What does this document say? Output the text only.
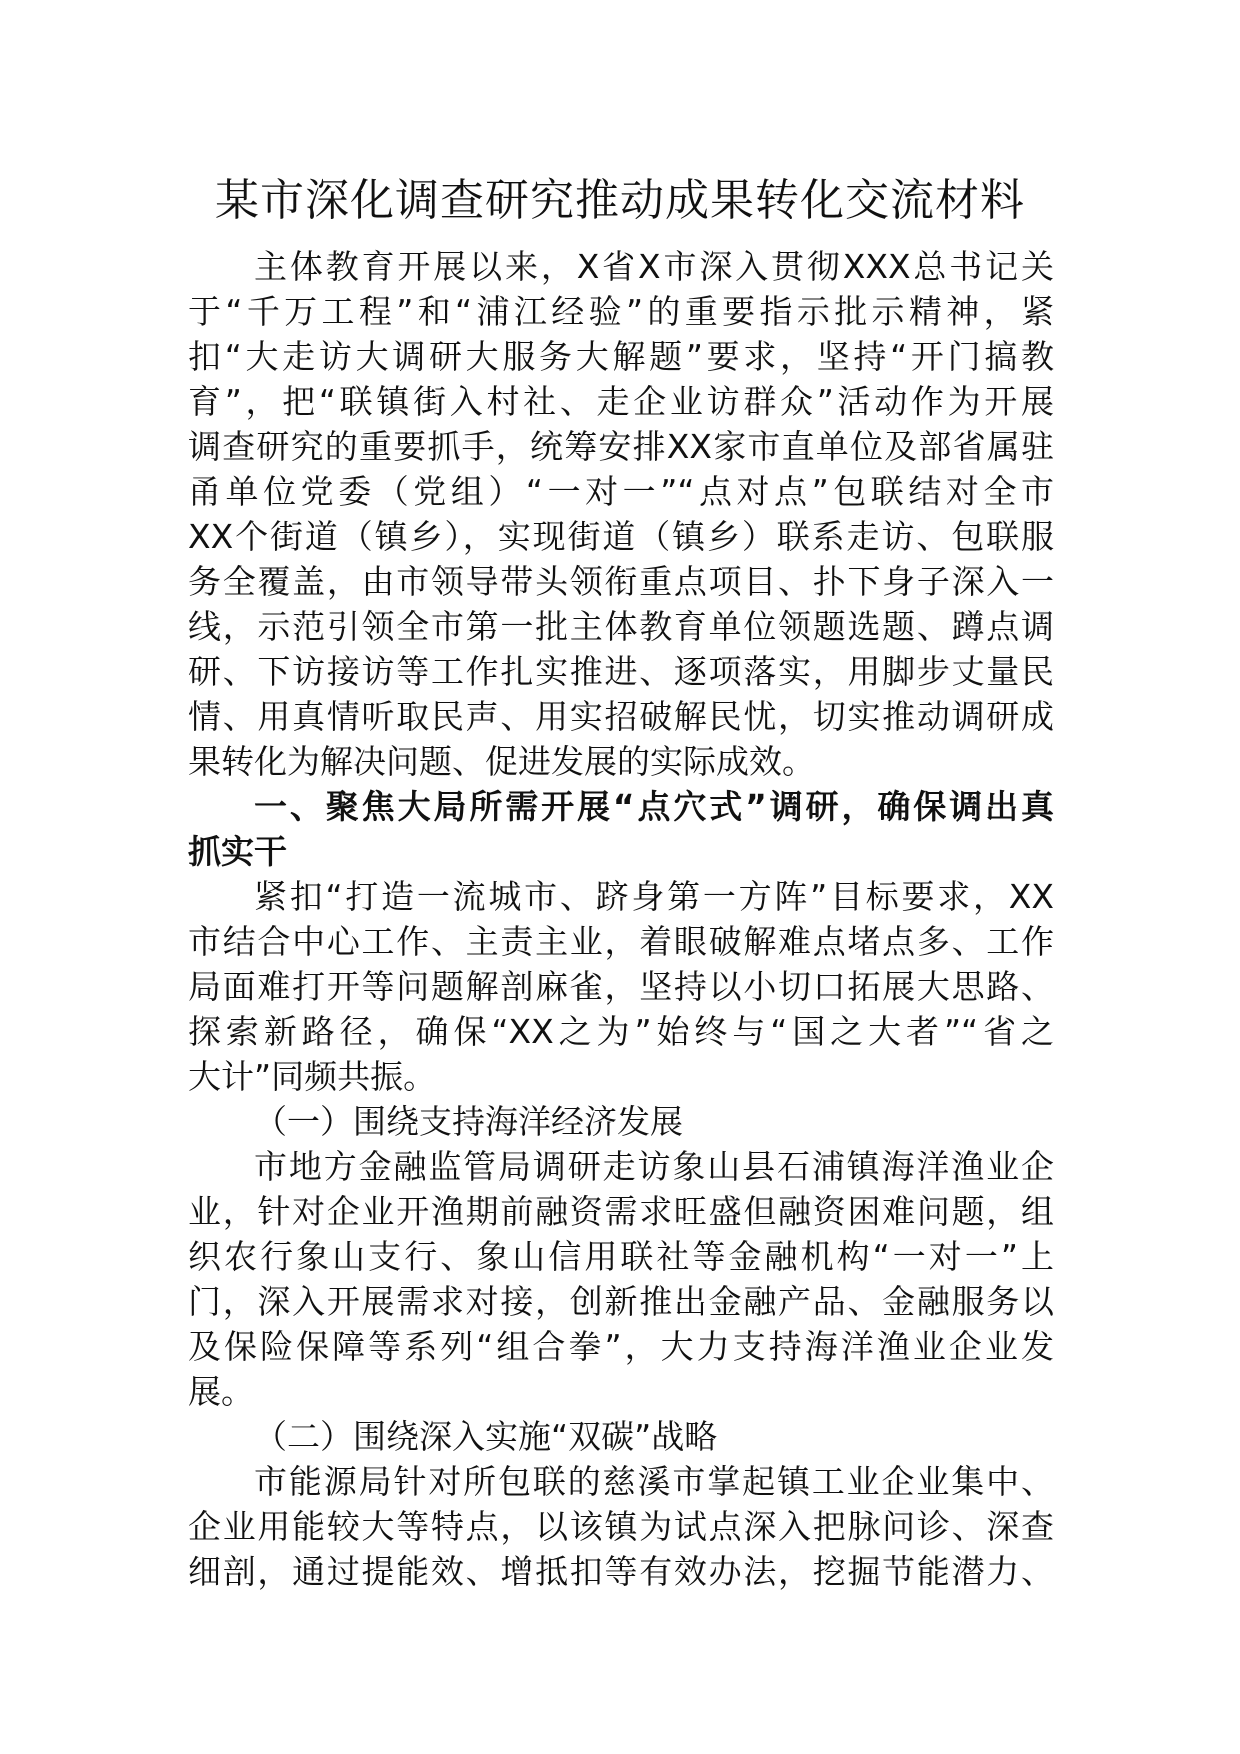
某市深化调查研究推动成果转化交流材料
主体教育开展以来，X省X市深入贯彻XXX总书记关
于“千万工程”和“浦江经验”的重要指示批示精神，紧
扣“大走访大调研大服务大解题”要求，坚持“开门搞教
育”，把“联镇街入村社、走企业访群众”活动作为开展
调查研究的重要抓手，统筹安排XX家市直单位及部省属驻
甬单位党委（党组）“一对一”“点对点”包联结对全市
XX个街道（镇乡），实现街道（镇乡）联系走访、包联服
务全覆盖，由市领导带头领衔重点项目、扑下身子深入一
线，示范引领全市第一批主体教育单位领题选题、蹲点调
研、下访接访等工作扎实推进、逐项落实，用脚步丈量民
情、用真情听取民声、用实招破解民忧，切实推动调研成
果转化为解决问题、促进发展的实际成效。
一、聚焦大局所需开展“点穴式”调研，确保调出真
抓实干
紧扣“打造一流城市、跻身第一方阵”目标要求，XX
市结合中心工作、主责主业，着眼破解难点堵点多、工作
局面难打开等问题解剖麻雀，坚持以小切口拓展大思路、
探索新路径，确保“XX之为”始终与“国之大者”“省之
大计”同频共振。
（一）围绕支持海洋经济发展
市地方金融监管局调研走访象山县石浦镇海洋渔业企
业，针对企业开渔期前融资需求旺盛但融资困难问题，组
织农行象山支行、象山信用联社等金融机构“一对一”上
门，深入开展需求对接，创新推出金融产品、金融服务以
及保险保障等系列“组合拳”，大力支持海洋渔业企业发
展。
（二）围绕深入实施“双碳”战略
市能源局针对所包联的慈溪市掌起镇工业企业集中、
企业用能较大等特点，以该镇为试点深入把脉问诊、深查
细剖，通过提能效、增抵扣等有效办法，挖掘节能潜力、
